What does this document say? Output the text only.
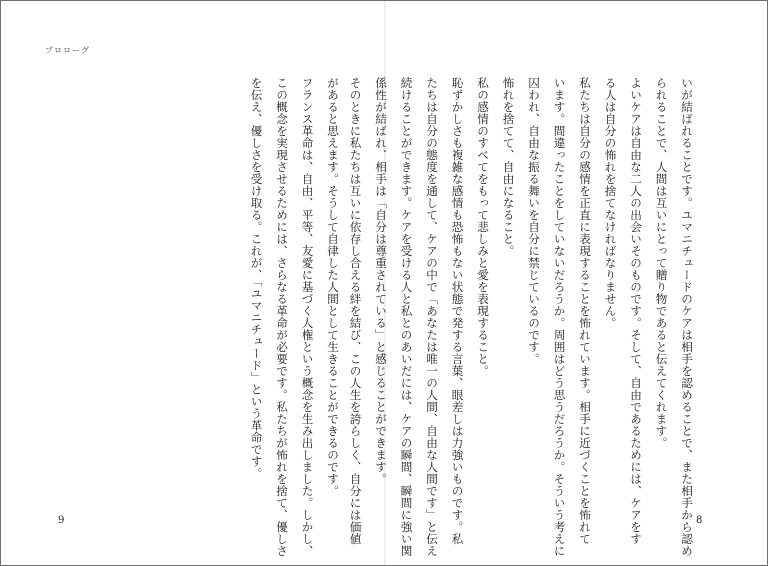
プロローグ

があると思えます。そうして自律した人間として生きることができるのです。

フランス革命は、自由、平等、友愛に基づく人権という概念を生み出しました。しかし、

この概念を実現させるためには、さらなる革命が必要です。私たちが怖れを捨て、優しさ

を伝え、優しさを受け取る。これが、「ユマニチュード」という革命です。	いが結ばれることです。ユマニチュードのケアは相手を認めることで、また相手から認め

られることで、人間は互いにとって贈り物であると伝えてくれます。

よいケアは自由な二人の出会いそのものです。そして、自由であるためには、ケアをす

る人は自分の怖れを捨てなければなりません。

私たちは自分の感情を正直に表現することを怖れています。相手に近づくことを怖れて

います。間違ったことをしていないだろうか。周囲はどう思うだろうか。そういう考えに

囚われ、自由な振る舞いを自分に禁じているのです。

怖れを捨てて、自由になること。

私の感情のすべてをもって悲しみと愛を表現すること。

恥ずかしさも複雑な感情も恐怖もない状態で発する言葉、眼差しは力強いものです。私

たちは自分の態度を通して、ケアの中で「あなたは唯一の人間、自由な人間です」と伝え

続けることができます。ケアを受ける人と私とのあいだには、ケアの瞬間、瞬間に強い関

係性が結ばれ、相手は「自分は尊重されている」と感じることができます。

そのときに私たちは互いに依存し合える絆を結び、この人生を誇らしく、自分には価値

9	8
